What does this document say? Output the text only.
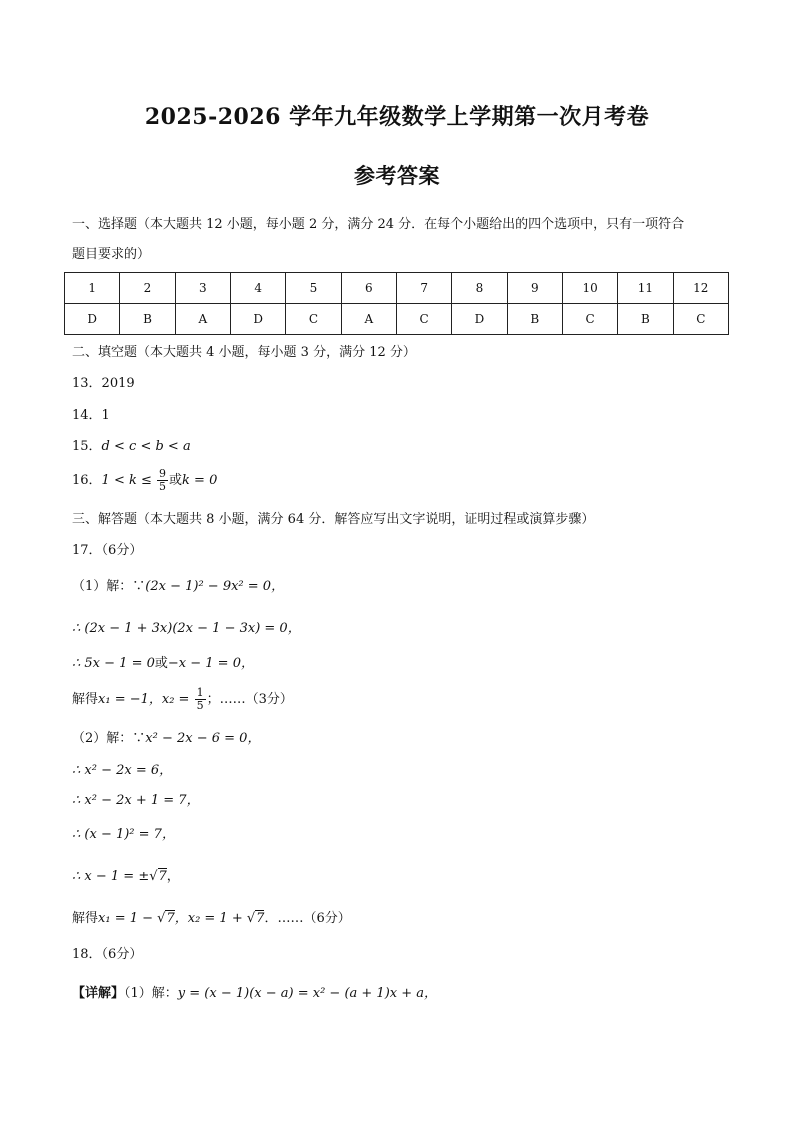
2025-2026 学年九年级数学上学期第一次月考卷
参考答案
一、选择题（本大题共 12 小题，每小题 2 分，满分 24 分．在每个小题给出的四个选项中，只有一项符合
题目要求的）
1	2	3	4	5	6	7	8	9	10	11	12
D	B	A	D	C	A	C	D	B	C	B	C
二、填空题（本大题共 4 小题，每小题 3 分，满分 12 分）
13．2019
14．1
15．d < c < b < a
16．$1 < k \le \frac{9}{5}$ 或k = 0
三、解答题（本大题共 8 小题，满分 64 分．解答应写出文字说明，证明过程或演算步骤）
17．（6分）
（1）解：∵(2x − 1)² − 9x² = 0，
∴ (2x − 1 + 3x)(2x − 1 − 3x) = 0，
∴ 5x − 1 = 0或−x − 1 = 0，
解得x₁ = −1，$x_2 = \frac{1}{5}$ ；……（3分）
（2）解：∵x² − 2x − 6 = 0，
∴ x² − 2x = 6，
∴ x² − 2x + 1 = 7，
∴ (x − 1)² = 7，
∴ x − 1 = ±√7，
解得x₁ = 1 − √7，x₂ = 1 + √7．……（6分）
18．（6分）
【详解】（1）解：y = (x − 1)(x − a) = x² − (a + 1)x + a，
